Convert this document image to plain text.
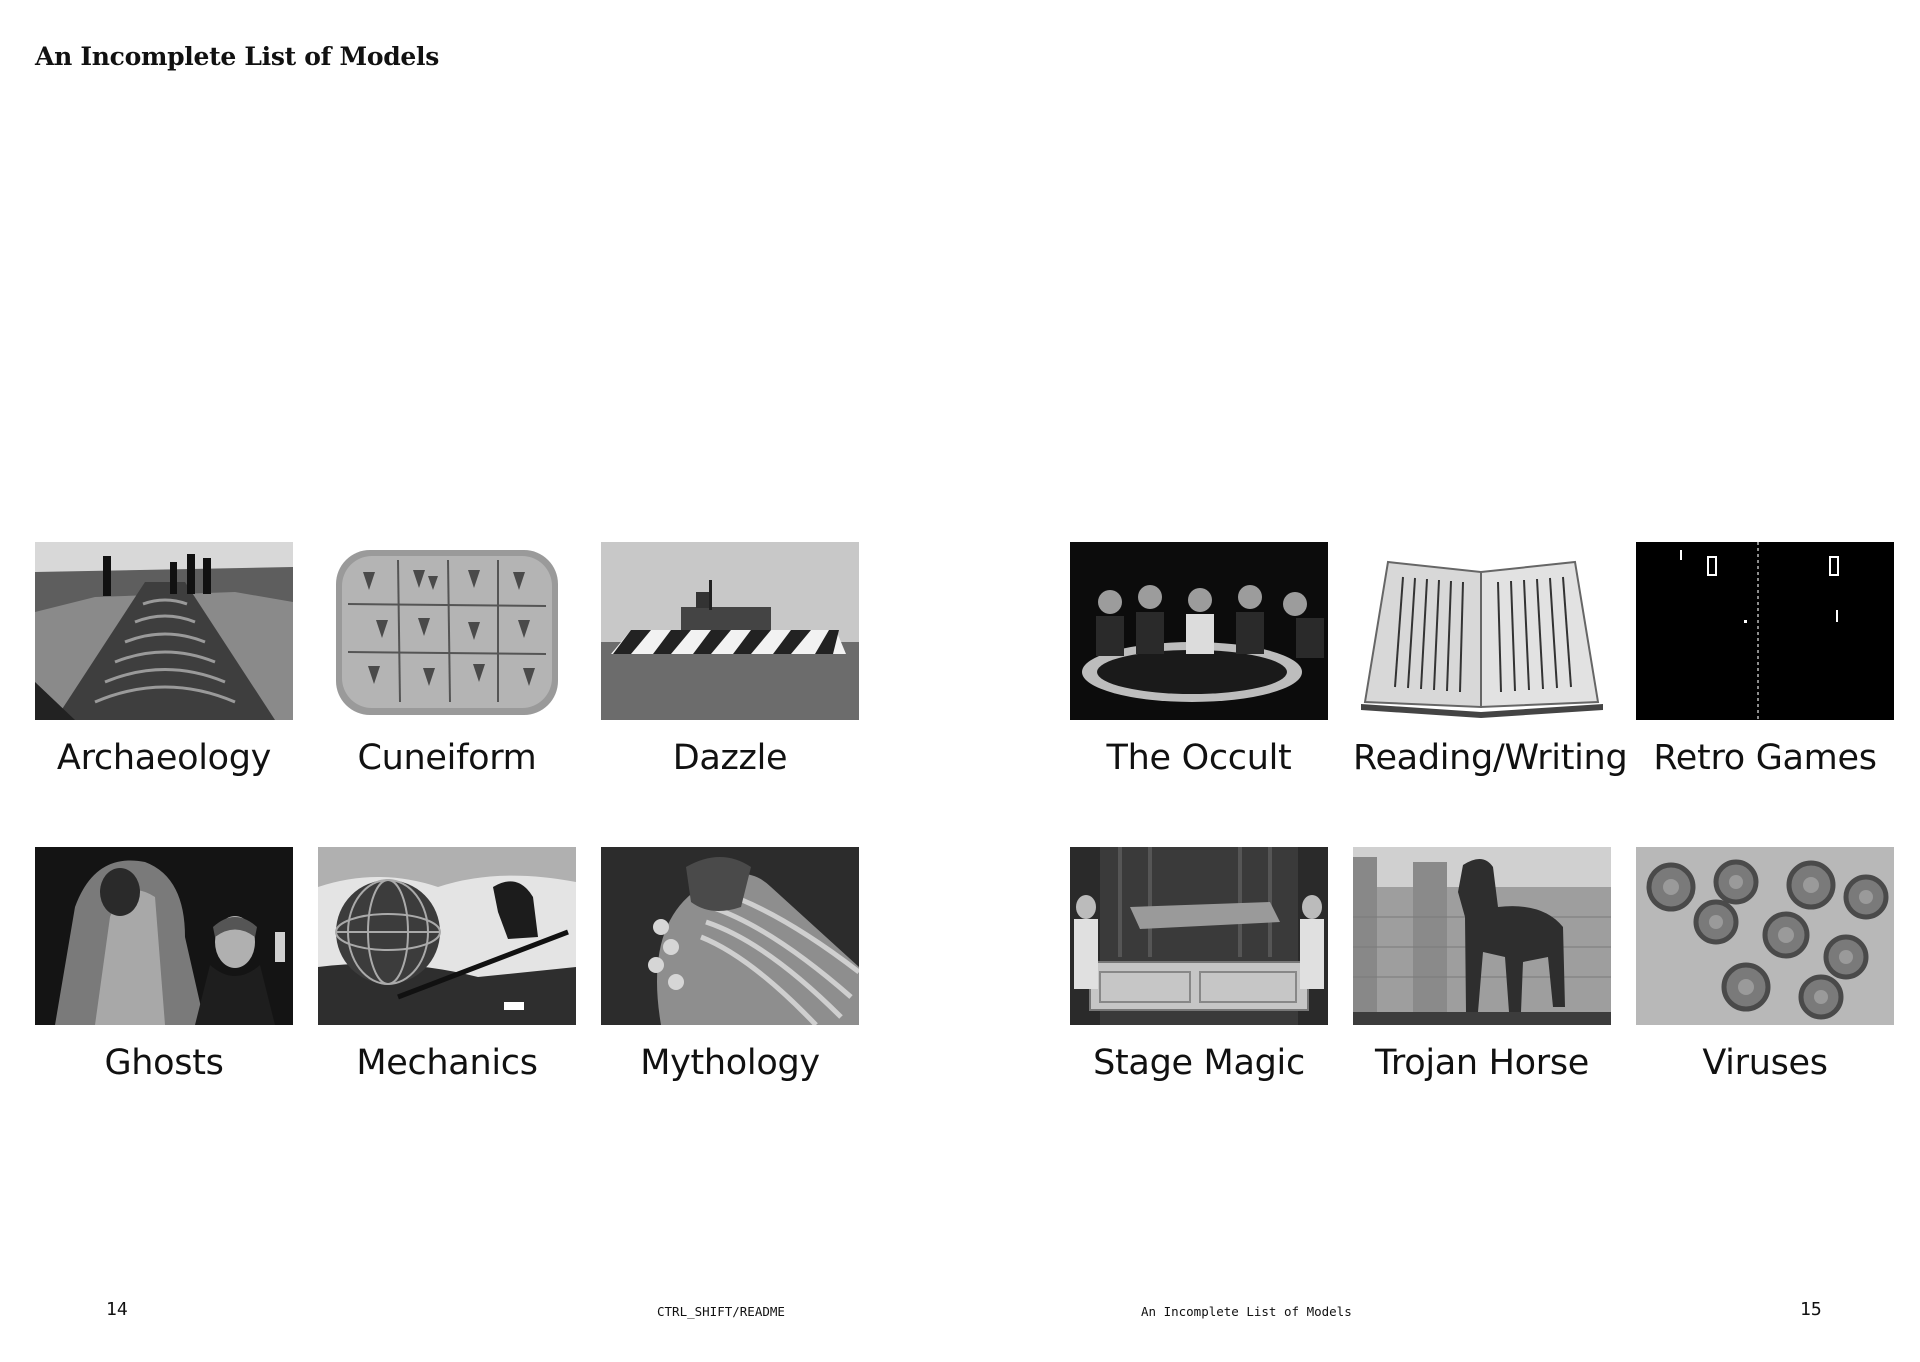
An Incomplete List of Models
Archaeology	Cuneiform	Dazzle
Ghosts	Mechanics	Mythology
The Occult	Reading/Writing Retro Games
Stage Magic	Trojan Horse	Viruses
14	CTRL_SHIFT/README	An Incomplete List of Models	15
